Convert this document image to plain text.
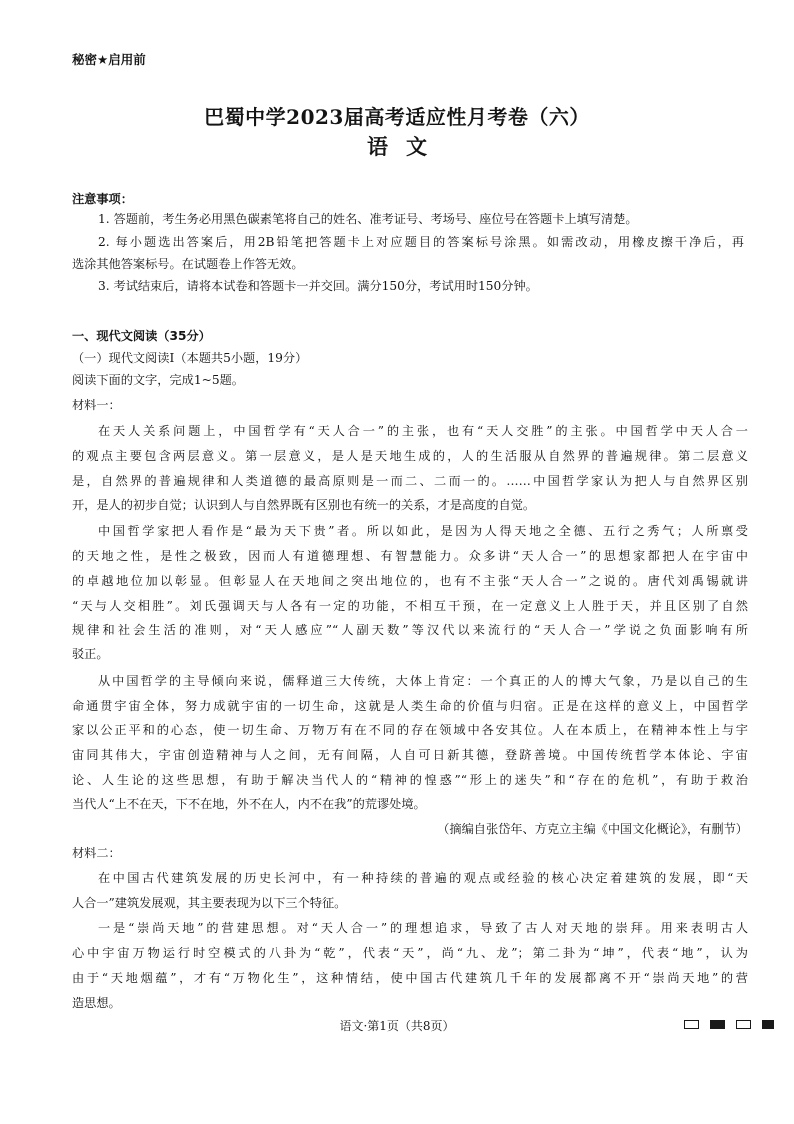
秘密★启用前
巴蜀中学2023届高考适应性月考卷（六）
语文
注意事项：
1. 答题前，考生务必用黑色碳素笔将自己的姓名、准考证号、考场号、座位号在答题卡上填写清楚。
2. 每小题选出答案后，用2B铅笔把答题卡上对应题目的答案标号涂黑。如需改动，用橡皮擦干净后，再
选涂其他答案标号。在试题卷上作答无效。
3. 考试结束后，请将本试卷和答题卡一并交回。满分150分，考试用时150分钟。
一、现代文阅读（35分）
（一）现代文阅读Ⅰ（本题共5小题，19分）
阅读下面的文字，完成1~5题。
材料一：
在天人关系问题上，中国哲学有“天人合一”的主张，也有“天人交胜”的主张。中国哲学中天人合一
的观点主要包含两层意义。第一层意义，是人是天地生成的，人的生活服从自然界的普遍规律。第二层意义
是，自然界的普遍规律和人类道德的最高原则是一而二、二而一的。……中国哲学家认为把人与自然界区别
开，是人的初步自觉；认识到人与自然界既有区别也有统一的关系，才是高度的自觉。
中国哲学家把人看作是“最为天下贵”者。所以如此，是因为人得天地之全德、五行之秀气；人所禀受
的天地之性，是性之极致，因而人有道德理想、有智慧能力。众多讲“天人合一”的思想家都把人在宇宙中
的卓越地位加以彰显。但彰显人在天地间之突出地位的，也有不主张“天人合一”之说的。唐代刘禹锡就讲
“天与人交相胜”。刘氏强调天与人各有一定的功能，不相互干预，在一定意义上人胜于天，并且区别了自然
规律和社会生活的准则，对“天人感应”“人副天数”等汉代以来流行的“天人合一”学说之负面影响有所
驳正。
从中国哲学的主导倾向来说，儒释道三大传统，大体上肯定：一个真正的人的博大气象，乃是以自己的生
命通贯宇宙全体，努力成就宇宙的一切生命，这就是人类生命的价值与归宿。正是在这样的意义上，中国哲学
家以公正平和的心态，使一切生命、万物万有在不同的存在领域中各安其位。人在本质上，在精神本性上与宇
宙同其伟大，宇宙创造精神与人之间，无有间隔，人自可日新其德，登跻善境。中国传统哲学本体论、宇宙
论、人生论的这些思想，有助于解决当代人的“精神的惶惑”“形上的迷失”和“存在的危机”，有助于救治
当代人“上不在天，下不在地，外不在人，内不在我”的荒谬处境。
（摘编自张岱年、方克立主编《中国文化概论》，有删节）
材料二：
在中国古代建筑发展的历史长河中，有一种持续的普遍的观点或经验的核心决定着建筑的发展，即“天
人合一”建筑发展观，其主要表现为以下三个特征。
一是“崇尚天地”的营建思想。对“天人合一”的理想追求，导致了古人对天地的崇拜。用来表明古人
心中宇宙万物运行时空模式的八卦为“乾”，代表“天”，尚“九、龙”；第二卦为“坤”，代表“地”，认为
由于“天地烟蕴”，才有“万物化生”，这种情结，使中国古代建筑几千年的发展都离不开“崇尚天地”的营
造思想。
语文·第1页（共8页）
